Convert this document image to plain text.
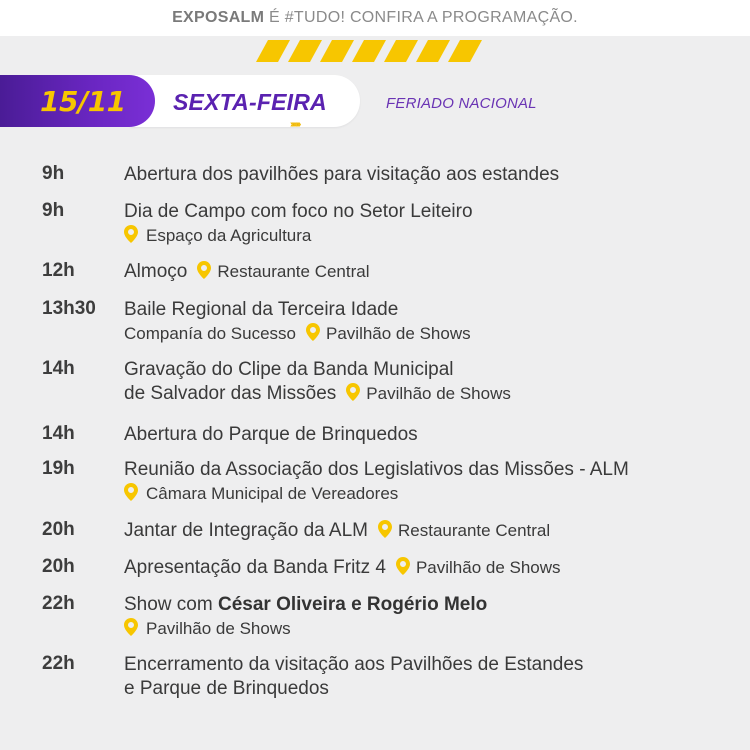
EXPOSALM É #TUDO! CONFIRA A PROGRAMAÇÃO.
SEXTA-FEIRA
15/11
›››››››
FERIADO NACIONAL
9h	Abertura dos pavilhões para visitação aos estandes
9h	Dia de Campo com foco no Setor Leiteiro
Espaço da Agricultura
12h	Almoço Restaurante Central
13h30 Baile Regional da Terceira Idade
Companía do Sucesso Pavilhão de Shows
14h	Gravação do Clipe da Banda Municipal
de Salvador das Missões Pavilhão de Shows
14h	Abertura do Parque de Brinquedos
19h	Reunião da Associação dos Legislativos das Missões - ALM
Câmara Municipal de Vereadores
20h	Jantar de Integração da ALM Restaurante Central
20h	Apresentação da Banda Fritz 4 Pavilhão de Shows
22h	Show com César Oliveira e Rogério Melo
Pavilhão de Shows
22h	Encerramento da visitação aos Pavilhões de Estandes
e Parque de Brinquedos
